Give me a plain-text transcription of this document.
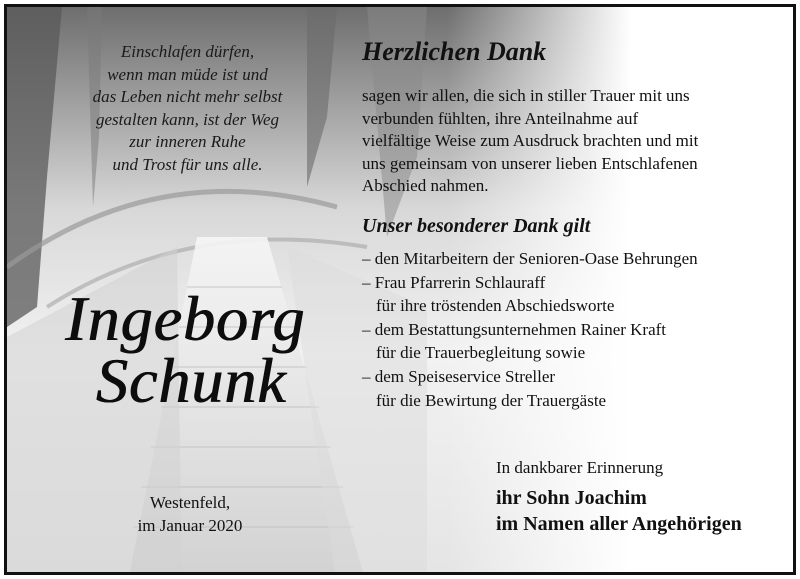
Einschlafen dürfen,
wenn man müde ist und
das Leben nicht mehr selbst
gestalten kann, ist der Weg
zur inneren Ruhe
und Trost für uns alle.
Ingeborg
Schunk
Westenfeld,
im Januar 2020
Herzlichen Dank
sagen wir allen, die sich in stiller Trauer mit uns
verbunden fühlten, ihre Anteilnahme auf
vielfältige Weise zum Ausdruck brachten und mit
uns gemeinsam von unserer lieben Entschlafenen
Abschied nahmen.
Unser besonderer Dank gilt
– den Mitarbeitern der Senioren-Oase Behrungen
– Frau Pfarrerin Schlauraff
für ihre tröstenden Abschiedsworte
– dem Bestattungsunternehmen Rainer Kraft
für die Trauerbegleitung sowie
– dem Speiseservice Streller
für die Bewirtung der Trauergäste
In dankbarer Erinnerung
ihr Sohn Joachim
im Namen aller Angehörigen
